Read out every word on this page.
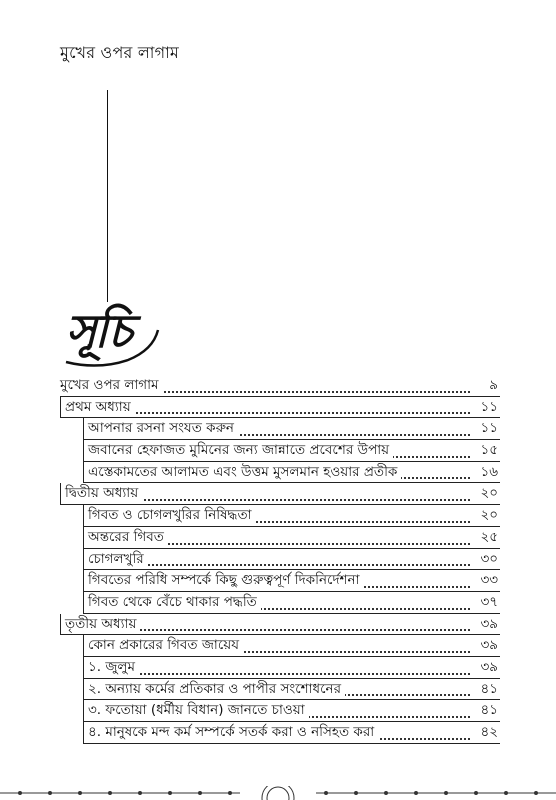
মুখের ওপর লাগাম
সূচি
মুখের ওপর লাগাম	৯
প্রথম অধ্যায়	১১
আপনার রসনা সংযত করুন	১১
জবানের হেফাজত মুমিনের জন্য জান্নাতে প্রবেশের উপায়	১৫
এস্তেকামতের আলামত এবং উত্তম মুসলমান হওয়ার প্রতীক	১৬
দ্বিতীয় অধ্যায়	২০
গিবত ও চোগলখুরির নিষিদ্ধতা	২০
অন্তরের গিবত	২৫
চোগলখুরি	৩০
গিবতের পরিধি সম্পর্কে কিছু গুরুত্বপূর্ণ দিকনির্দেশনা	৩৩
গিবত থেকে বেঁচে থাকার পদ্ধতি	৩৭
তৃতীয় অধ্যায়	৩৯
কোন প্রকারের গিবত জায়েয	৩৯
১. জুলুম	৩৯
২. অন্যায় কর্মের প্রতিকার ও পাপীর সংশোধনের	৪১
৩. ফতোয়া (ধর্মীয় বিধান) জানতে চাওয়া	৪১
৪. মানুষকে মন্দ কর্ম সম্পর্কে সতর্ক করা ও নসিহত করা	৪২
